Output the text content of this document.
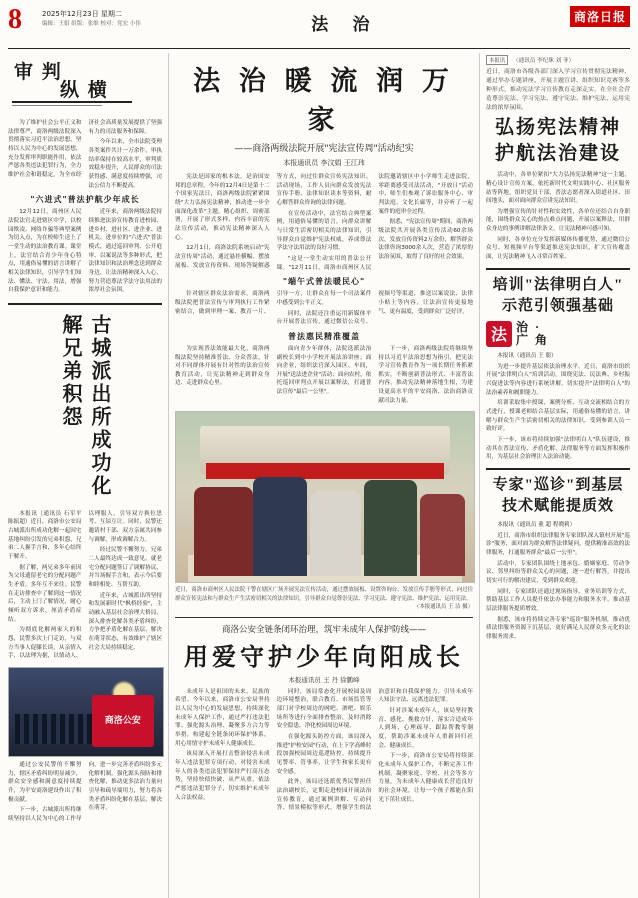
8	2025年12月23日 星期二
编辑：王娟 组版：张维 校对：党宏 小伟	法 治	商洛日报
审 判
纵 横

为了维护社会公平正义和法律尊严，商洛两级法院深入贯彻落实习近平法治思想，坚持以人民为中心的发展思想，充分发挥审判职能作用，依法严惩各类违法犯罪行为，全力维护社会和谐稳定，为全市经济社会高质量发展提供了坚强有力的司法服务和保障。

今年以来，全市法院受理各类案件共计一万余件，审执结率保持在较高水平，审判质效稳步提升，人民群众的司法获得感、满意度持续增强，司法公信力不断提高。

"六进式"普法护航少年成长

12月12日，商州区人民法院法官走进辖区中学，以校园欺凌、网络诈骗等典型案例为切入点，为在校师生送上了一堂生动的法治教育课。课堂上，法官结合青少年身心特点，用通俗易懂的语言讲解了相关法律知识，引导学生们知法、懂法、守法、用法，增强自我保护意识和能力。

近年来，商洛两级法院持续推进法治宣传教育进校园、进乡村、进社区、进企业、进机关、进单位的"六进式"普法模式，通过巡回审判、公开庭审、以案说法等多种形式，把法律知识和法治理念送到群众身边，让法治精神深入人心，努力营造尊法学法守法用法的浓厚社会氛围。

古城派出所成功化解兄弟积怨

本报讯（通讯员 石军平 陈振超）近日，商洛市公安局古城派出所成功化解一起因宅基地纠纷引发的兄弟积怨，兄弟二人握手言和，多年心结终于解开。

据了解，两兄弟多年前因为父母遗留老宅的分配问题产生矛盾，多年互不来往。民警在走访排查中了解到这一情况后，主动上门了解情况，耐心倾听双方诉求，厘清矛盾症结。

为彻底化解两家人的积怨，民警多次上门走访，与双方当事人促膝长谈，从亲情入手，以法理为据，以情动人、以理服人，引导双方换位思考、互谅互让。同时，民警还邀请村干部、双方亲属共同参与调解，形成调解合力。

经过民警不懈努力，兄弟二人最终达成一致意见，就老宅分配问题签订了调解协议，并当场握手言和，表示今后要和睦相处、互帮互助。

近年来，古城派出所坚持和发展新时代"枫桥经验"，主动融入基层社会治理大格局，深入排查化解各类矛盾纠纷，力争把矛盾化解在基层、解决在萌芽状态，有效维护了辖区社会大局持续稳定。

商洛公安

通过公安民警的不懈努力，辖区矛盾纠纷明显减少，群众安全感和满意度持续提升，为平安商洛建设作出了积极贡献。

下一步，古城派出所将继续坚持以人民为中心的工作导向，进一步完善矛盾纠纷多元化解机制，强化源头预防和排查化解，推动更多法治力量向引导和疏导端用力，努力将各类矛盾纠纷化解在基层、解决在萌芽。

法 治 暖 流 润 万 家
——商洛两级法院开展"宪法宣传周"活动纪实
本报通讯员 李汶娟 王江玮

宪法是国家的根本法，是治国安邦的总章程。今年的12月4日是第十二个国家宪法日，商洛两级法院紧紧围绕"大力弘扬宪法精神，推动进一步全面深化改革"主题，精心组织、周密部署，开展了形式多样、内容丰富的宪法宣传活动，推动宪法精神深入人心。

12月1日，商洛法院系统启动"宪法宣传周"活动，通过悬挂横幅、摆放展板、发放宣传资料、现场答疑解惑等方式，向过往群众宣传宪法知识。活动现场，工作人员向群众发放宪法宣传手册、法律知识读本等资料，耐心解答群众咨询的法律问题。

在宣传活动中，法官结合典型案例，用通俗易懂的语言，向群众讲解与日常生活密切相关的法律知识，引导群众自觉维护宪法权威，养成尊法学法守法用法的良好习惯。

"这是一堂生动实用的普法公开课。"12月11日，商洛市商州区人民法院邀请辖区中小学师生走进法院，零距离感受司法活动，"开放日"活动中，师生们参观了诉讼服务中心、审判法庭、文化长廊等，并旁听了一起案件的庭审全过程。

据悉，"宪法宣传周"期间，商洛两级法院共开展各类宣传活动60余场次，发放宣传资料2万余份，解答群众法律咨询3000余人次，营造了浓厚的法治氛围，取得了良好的社会效果。

"端午式普法暖民心"

针对辖区群众法治需求，商洛两级法院把普法宣传与审判执行工作紧密结合，做到审理一案、教育一片、引导一方，让群众在每一个司法案件中感受到公平正义。

同时，法院还注重运用新媒体平台开展普法宣传，通过微信公众号、视频号等渠道，推送以案说法、法律小贴士等内容，让法治宣传更接地气、更有温度，受到群众广泛好评。

普法惠民精准覆盖

为实现普法效能最大化，商洛两级法院坚持精准普法、分众普法，针对不同群体开展有针对性的法治宣传教育活动，让宪法精神走到群众身边、走进群众心里。

面向青少年群体，法院选派法治副校长到中小学校开展法治讲座；面向企业，组织法官深入园区、车间，开展"送法进企业"活动；面向农村，依托巡回审判点开展以案释法，打通普法宣传"最后一公里"。

下一步，商洛两级法院将继续坚持以习近平法治思想为指引，把宪法学习宣传教育作为一项长期任务抓紧抓实，不断创新普法形式、丰富普法内容，推动宪法精神落地生根，为建设更高水平的平安商洛、法治商洛贡献司法力量。

近日，商洛市商州区人民法院干警在辖区广场开展宪法宣传活动，通过摆放展板、设置咨询台、发放宣传手册等形式，向过往群众宣传宪法和与群众生产生活密切相关的法律知识，引导群众自觉尊崇宪法、学习宪法、遵守宪法、维护宪法、运用宪法。
（本报通讯员 王 洁 摄）
商洛公安全链条闭环治理，筑牢未成年人保护防线——
用爱守护少年向阳成长
本报通讯员 王 丹 徐鹏峰

未成年人是祖国的未来、民族的希望。今年以来，商洛市公安局坚持以人民为中心的发展思想，持续深化未成年人保护工作，通过严打违法犯罪、强化源头治理、凝聚多方合力等举措，构建起全链条闭环保护体系，用心用情守护未成年人健康成长。

该局深入开展打击整治侵害未成年人违法犯罪专项行动，对侵害未成年人的各类违法犯罪保持严打高压态势，坚持快侦快破、从严从重，依法严惩违法犯罪分子，切实维护未成年人合法权益。

同时，该局常态化开展校园及周边环境整治，联合教育、市场监管等部门对学校周边的网吧、酒吧、娱乐场所等进行全面排查整治，及时消除安全隐患，净化校园周边环境。

在强化源头防控方面，该局深入推进"护校安园"行动，在上下学高峰时段加强校园周边巡逻防控，持续提升见警率、管事率，让学生和家长更有安全感。

此外，该局还选派优秀民警担任法治副校长，定期走进校园开展法治宣传教育，通过案例讲解、互动问答、情景模拟等形式，增强学生的法治意识和自我保护能力，引导未成年人知法守法、远离违法犯罪。

针对涉案未成年人，该局坚持教育、感化、挽救方针，落实合适成年人到场、心理疏导、跟踪帮教等制度，帮助涉案未成年人重新回归社会、健康成长。

下一步，商洛市公安局将持续深化未成年人保护工作，不断完善工作机制，凝聚家庭、学校、社会等多方力量，为未成年人健康成长营造良好的社会环境，让每一个孩子都能在阳光下茁壮成长。

本报讯 （通讯员 李纪珠 刘 菲）
近日，商洛市各级各部门深入学习宣传贯彻宪法精神，通过举办专题讲座、开展主题宣讲、组织知识竞赛等多种形式，推动宪法学习宣传教育走深走实，在全社会营造尊崇宪法、学习宪法、遵守宪法、维护宪法、运用宪法的浓厚氛围。
弘扬宪法精神 护航法治建设

活动中，各单位紧扣"大力弘扬宪法精神"这一主题，精心设计宣传方案，依托新时代文明实践中心、社区服务站等阵地，组织党员干部、普法志愿者深入街道社区、田间地头，面对面向群众宣讲宪法知识。

为增强宣传的针对性和实效性，各单位还结合自身职能，围绕群众关心的热点难点问题，开展以案释法，用群众身边的事例讲解法律条文，让宪法精神可感可知。

同时，各单位充分发挥新媒体传播优势，通过微信公众号、短视频平台等渠道推送宪法知识，扩大宣传覆盖面，让宪法精神飞入寻常百姓家。

培训"法律明白人" 示范引领强基础
法
治 ·
广 角

本报讯（通讯员 王 聪）

为进一步提升基层依法治理水平，近日，商洛市组织开展"法律明白人"培训活动，围绕宪法、民法典、乡村振兴促进法等内容进行系统讲解，切实提升"法律明白人"的法治素养和履职能力。

培训采取集中授课、案例分析、互动交流相结合的方式进行，授课老师结合基层实际，用通俗易懂的语言，讲解与群众生产生活密切相关的法律知识，受到参训人员一致好评。

下一步，该市将持续加强"法律明白人"队伍建设，推动其在普法宣传、矛盾化解、法律服务等方面发挥积极作用，为基层社会治理注入法治动能。

专家"巡诊"到基层 技术赋能提质效

本报讯（通讯员 董 超 程晓莉）

近日，商洛市组织法律服务专家团队深入镇村开展"巡诊"服务，面对面为群众解答法律疑问，提供精准高效的法律服务，打通服务群众"最后一公里"。

活动中，专家团队围绕土地承包、婚姻家庭、劳动争议、邻里纠纷等群众关心的问题，逐一进行解答，并提出切实可行的解决建议，受到群众欢迎。

同时，专家团队还通过现场指导、业务培训等方式，帮助基层工作人员提升依法办事能力和服务水平，推动基层法律服务提质增效。

据悉，该市将持续完善专家"巡诊"服务机制，推动优质法律服务资源下沉基层，更好满足人民群众多元化的法律服务需求。
